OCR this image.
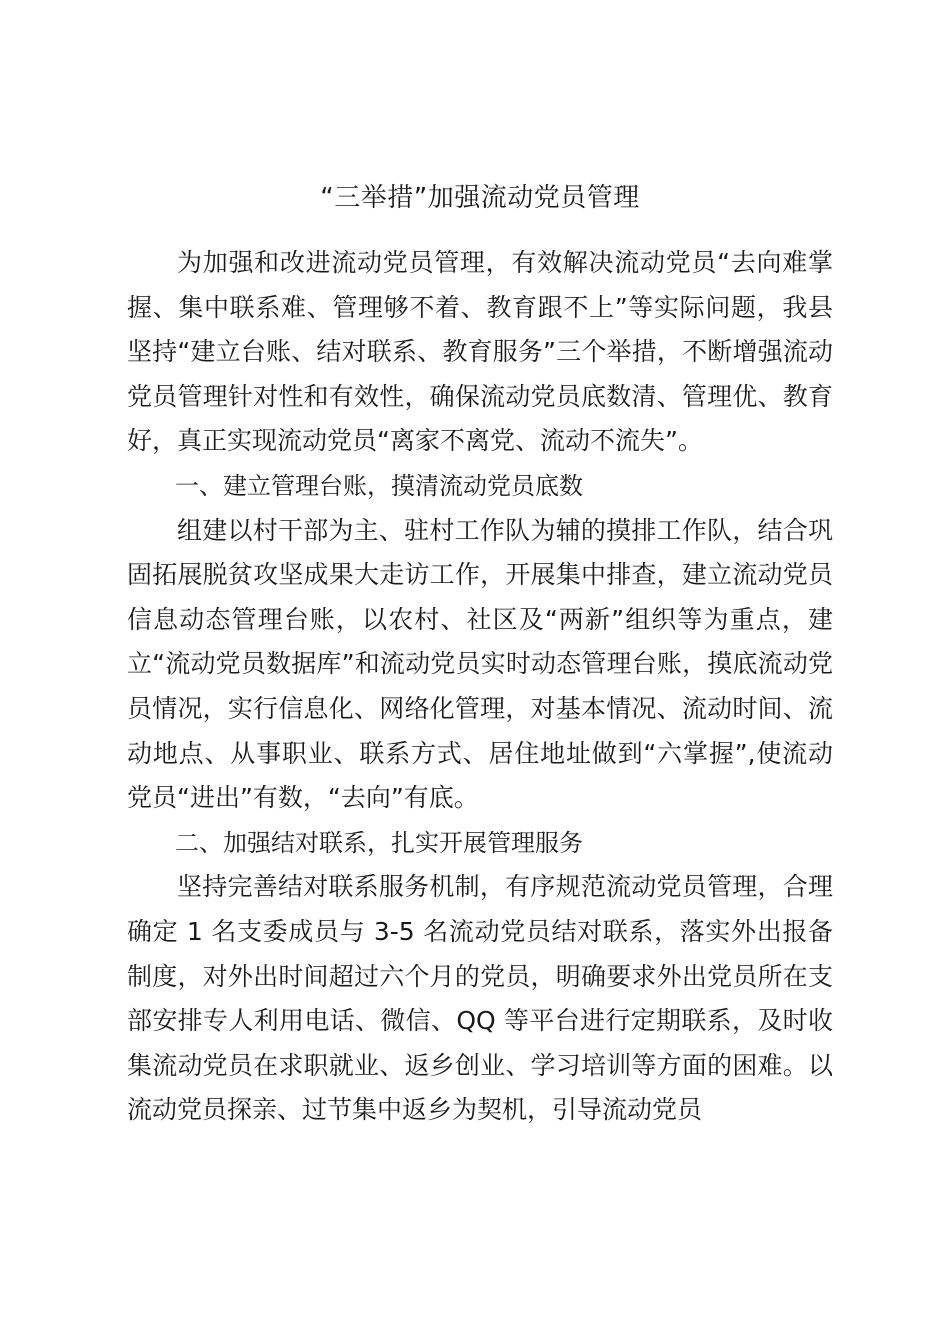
“三举措”加强流动党员管理

为加强和改进流动党员管理，有效解决流动党员“去向难掌握、集中联系难、管理够不着、教育跟不上”等实际问题，我县坚持“建立台账、结对联系、教育服务”三个举措，不断增强流动党员管理针对性和有效性，确保流动党员底数清、管理优、教育好，真正实现流动党员“离家不离党、流动不流失”。

一、建立管理台账，摸清流动党员底数

组建以村干部为主、驻村工作队为辅的摸排工作队，结合巩固拓展脱贫攻坚成果大走访工作，开展集中排查，建立流动党员信息动态管理台账，以农村、社区及“两新”组织等为重点，建立“流动党员数据库”和流动党员实时动态管理台账，摸底流动党员情况，实行信息化、网络化管理，对基本情况、流动时间、流动地点、从事职业、联系方式、居住地址做到“六掌握”,使流动党员“进出”有数，“去向”有底。

二、加强结对联系，扎实开展管理服务

坚持完善结对联系服务机制，有序规范流动党员管理，合理确定 1 名支委成员与 3-5 名流动党员结对联系，落实外出报备制度，对外出时间超过六个月的党员，明确要求外出党员所在支部安排专人利用电话、微信、QQ 等平台进行定期联系，及时收集流动党员在求职就业、返乡创业、学习培训等方面的困难。以流动党员探亲、过节集中返乡为契机，引导流动党员
